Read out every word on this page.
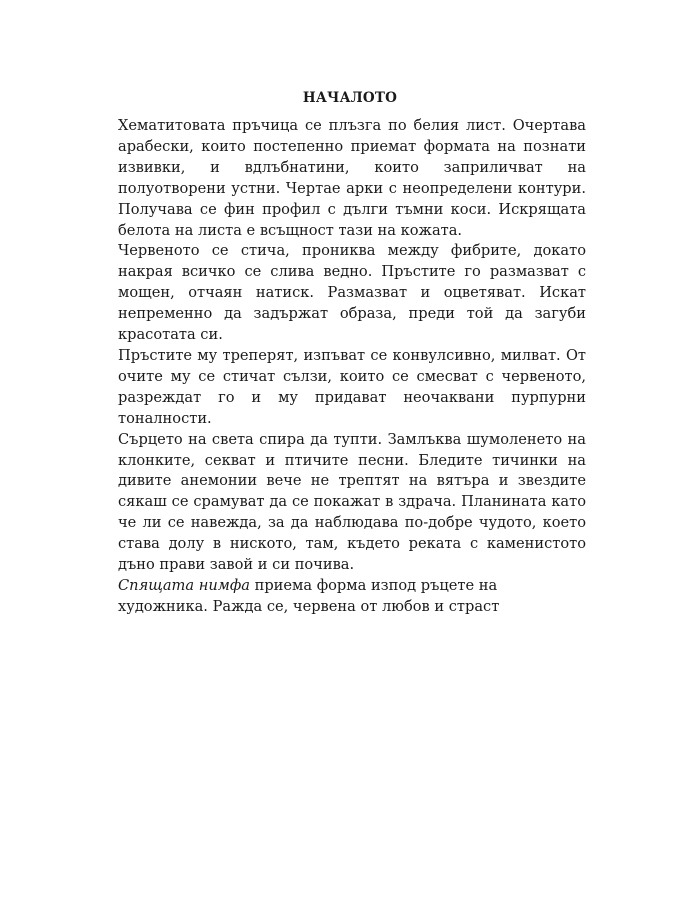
НАЧАЛОТО

Хематитовата пръчица се плъзга по белия лист. Очертава арабески, които постепенно приемат формата на познати извивки, и вдлъбнатини, които заприличват на полуотворени устни. Чертае арки с неопределени контури. Получава се фин профил с дълги тъмни коси. Искрящата белота на листа е всъщност тази на кожата.

Червеното се стича, прониква между фибрите, докато накрая всичко се слива ведно. Пръстите го размазват с мощен, отчаян натиск. Размазват и оцветяват. Искат непременно да задържат образа, преди той да загуби красотата си.

Пръстите му треперят, изпъват се конвулсивно, милват. От очите му се стичат сълзи, които се смесват с червеното, разреждат го и му придават неочаквани пурпурни тоналности.

Сърцето на света спира да тупти. Замлъква шумоленето на клонките, секват и птичите песни. Бледите тичинки на дивите анемонии вече не трептят на вятъра и звездите сякаш се срамуват да се покажат в здрача. Планината като че ли се навежда, за да наблюдава по-добре чудото, което става долу в ниското, там, където реката с каменистото дъно прави завой и си почива.

Спящата нимфа приема форма изпод ръцете на художника. Ражда се, червена от любов и страст
